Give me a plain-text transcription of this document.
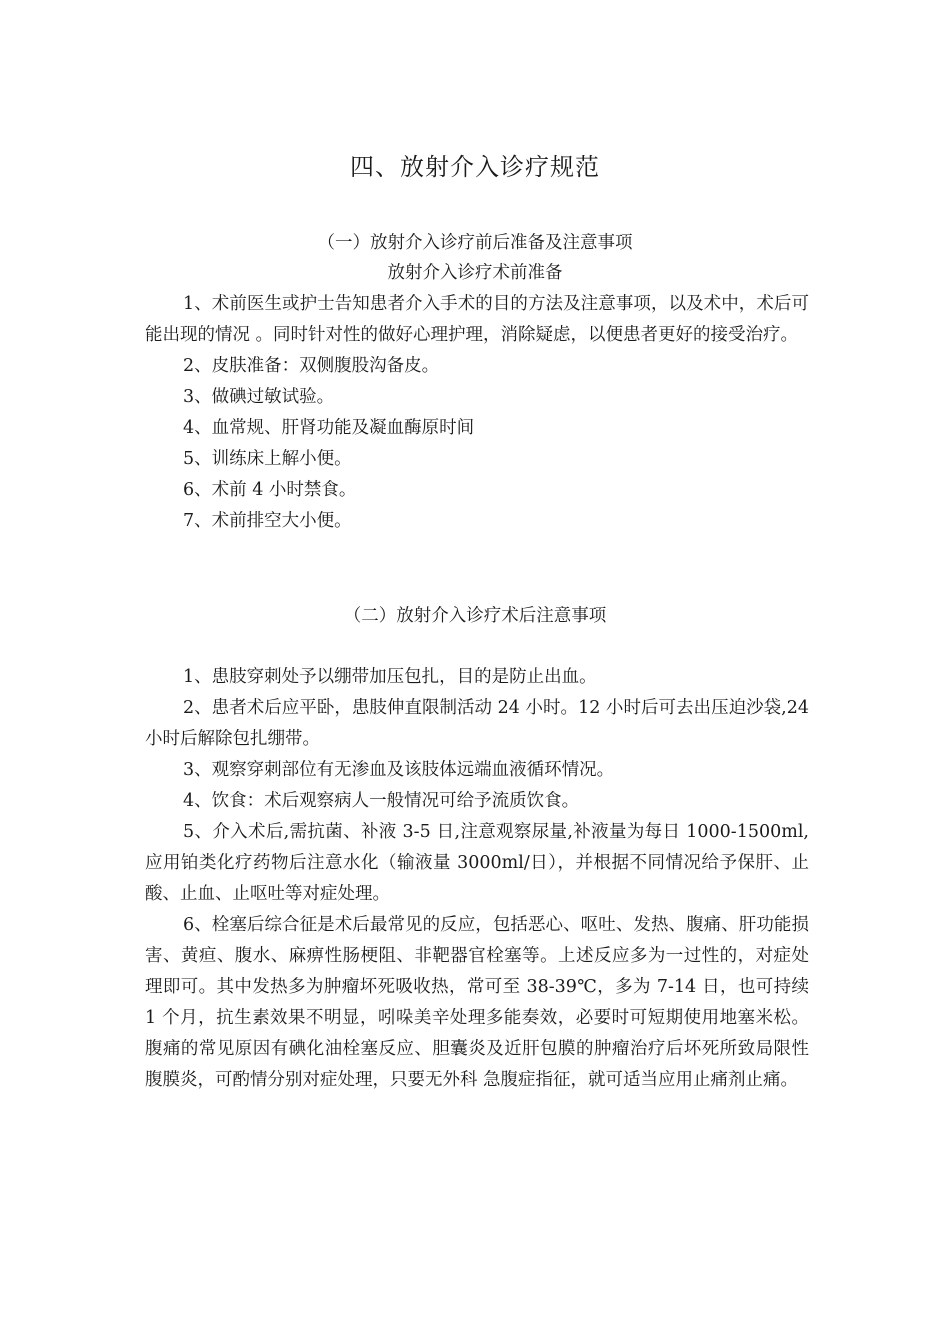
四、放射介入诊疗规范
（一）放射介入诊疗前后准备及注意事项
放射介入诊疗术前准备

1、术前医生或护士告知患者介入手术的目的方法及注意事项，以及术中，术后可能出现的情况 。同时针对性的做好心理护理，消除疑虑，以便患者更好的接受治疗。

2、皮肤准备：双侧腹股沟备皮。

3、做碘过敏试验。

4、血常规、肝肾功能及凝血酶原时间

5、训练床上解小便。

6、术前 4 小时禁食。

7、术前排空大小便。

（二）放射介入诊疗术后注意事项

1、患肢穿刺处予以绷带加压包扎，目的是防止出血。

2、患者术后应平卧，患肢伸直限制活动 24 小时。12 小时后可去出压迫沙袋,24 小时后解除包扎绷带。

3、观察穿刺部位有无渗血及该肢体远端血液循环情况。

4、饮食：术后观察病人一般情况可给予流质饮食。

5、介入术后,需抗菌、补液 3-5 日,注意观察尿量,补液量为每日 1000-1500ml,应用铂类化疗药物后注意水化（输液量 3000ml/日），并根据不同情况给予保肝、止酸、止血、止呕吐等对症处理。

6、栓塞后综合征是术后最常见的反应，包括恶心、呕吐、发热、腹痛、肝功能损害、黄疸、腹水、麻痹性肠梗阻、非靶器官栓塞等。上述反应多为一过性的，对症处理即可。其中发热多为肿瘤坏死吸收热，常可至 38-39℃，多为 7-14 日，也可持续 1 个月，抗生素效果不明显，吲哚美辛处理多能奏效，必要时可短期使用地塞米松。腹痛的常见原因有碘化油栓塞反应、胆囊炎及近肝包膜的肿瘤治疗后坏死所致局限性腹膜炎，可酌情分别对症处理，只要无外科 急腹症指征，就可适当应用止痛剂止痛。
